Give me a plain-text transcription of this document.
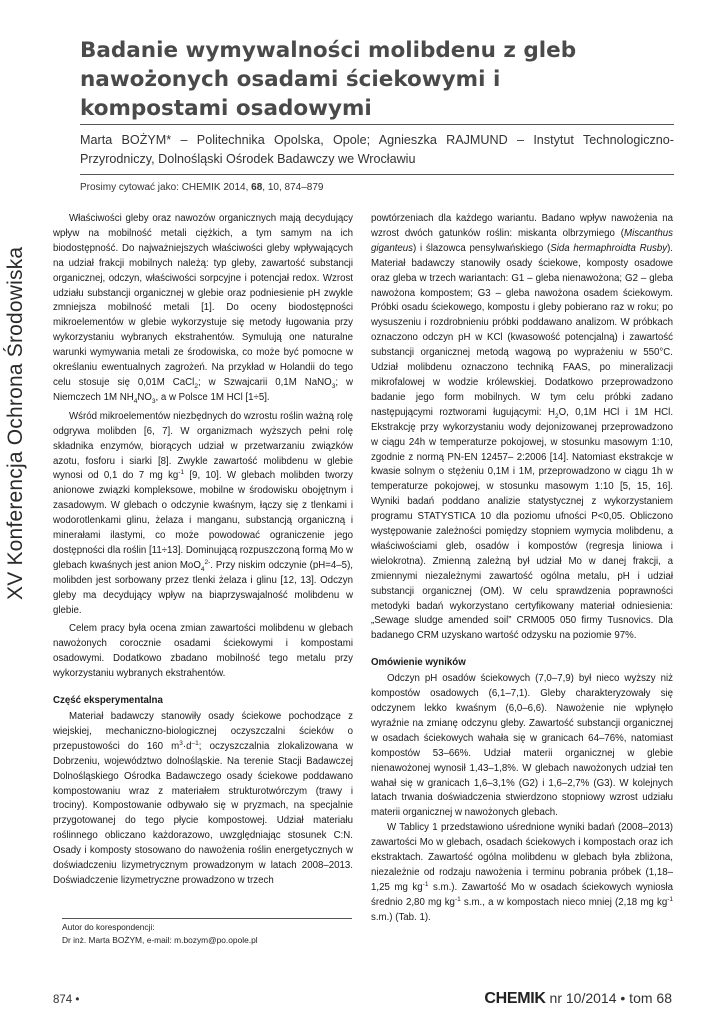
XV Konferencja Ochrona Środowiska
Badanie wymywalności molibdenu z gleb nawożonych osadami ściekowymi i kompostami osadowymi
Marta BOŻYM* – Politechnika Opolska, Opole; Agnieszka RAJMUND – Instytut Technologiczno-Przyrodniczy, Dolnośląski Ośrodek Badawczy we Wrocławiu
Prosimy cytować jako: CHEMIK 2014, 68, 10, 874–879

Właściwości gleby oraz nawozów organicznych mają decydujący wpływ na mobilność metali ciężkich, a tym samym na ich biodostępność. Do najważniejszych właściwości gleby wpływających na udział frakcji mobilnych należą: typ gleby, zawartość substancji organicznej, odczyn, właściwości sorpcyjne i potencjał redox. Wzrost udziału substancji organicznej w glebie oraz podniesienie pH zwykle zmniejsza mobilność metali [1]. Do oceny biodostępności mikroelementów w glebie wykorzystuje się metody ługowania przy wykorzystaniu wybranych ekstrahentów. Symulują one naturalne warunki wymywania metali ze środowiska, co może być pomocne w określaniu ewentualnych zagrożeń. Na przykład w Holandii do tego celu stosuje się 0,01M CaCl$_2$; w Szwajcarii 0,1M NaNO$_3$; w Niemczech 1M $NH_4NO_3$, a w Polsce 1M HCl [1÷5].

Wśród mikroelementów niezbędnych do wzrostu roślin ważną rolę odgrywa molibden [6, 7]. W organizmach wyższych pełni rolę składnika enzymów, biorących udział w przetwarzaniu związków azotu, fosforu i siarki [8]. Zwykle zawartość molibdenu w glebie wynosi od 0,1 do 7 mg $kg^{-1}$ [9, 10]. W glebach molibden tworzy anionowe związki kompleksowe, mobilne w środowisku obojętnym i zasadowym. W glebach o odczynie kwaśnym, łączy się z tlenkami i wodorotlenkami glinu, żelaza i manganu, substancją organiczną i minerałami ilastymi, co może powodować ograniczenie jego dostępności dla roślin [11÷13]. Dominującą rozpuszczoną formą Mo w glebach kwaśnych jest anion MoO$_4^{2-}$. Przy niskim odczynie (pH=4–5), molibden jest sorbowany przez tlenki żelaza i glinu [12, 13]. Odczyn gleby ma decydujący wpływ na biaprzyswajalność molibdenu w glebie.

Celem pracy była ocena zmian zawartości molibdenu w glebach nawożonych corocznie osadami ściekowymi i kompostami osadowymi. Dodatkowo zbadano mobilność tego metalu przy wykorzystaniu wybranych ekstrahentów.

Część eksperymentalna

Materiał badawczy stanowiły osady ściekowe pochodzące z wiejskiej, mechaniczno-biologicznej oczyszczalni ścieków o przepustowości do 160 $m^3\cdot d^{-1}$; oczyszczalnia zlokalizowana w Dobrzeniu, województwo dolnośląskie. Na terenie Stacji Badawczej Dolnośląskiego Ośrodka Badawczego osady ściekowe poddawano kompostowaniu wraz z materiałem strukturotwórczym (trawy i trociny). Kompostowanie odbywało się w pryzmach, na specjalnie przygotowanej do tego płycie kompostowej. Udział materiału roślinnego obliczano każdorazowo, uwzględniając stosunek C:N. Osady i komposty stosowano do nawożenia roślin energetycznych w doświadczeniu lizymetrycznym prowadzonym w latach 2008–2013. Doświadczenie lizymetryczne prowadzono w trzech

powtórzeniach dla każdego wariantu. Badano wpływ nawożenia na wzrost dwóch gatunków roślin: miskanta olbrzymiego (Miscanthus giganteus) i ślazowca pensylwańskiego (Sida hermaphroidta Rusby). Materiał badawczy stanowiły osady ściekowe, komposty osadowe oraz gleba w trzech wariantach: G1 – gleba nienawożona; G2 – gleba nawożona kompostem; G3 – gleba nawożona osadem ściekowym. Próbki osadu ściekowego, kompostu i gleby pobierano raz w roku; po wysuszeniu i rozdrobnieniu próbki poddawano analizom. W próbkach oznaczono odczyn pH w KCl (kwasowość potencjalną) i zawartość substancji organicznej metodą wagową po wyprażeniu w 550°C. Udział molibdenu oznaczono techniką FAAS, po mineralizacji mikrofalowej w wodzie królewskiej. Dodatkowo przeprowadzono badanie jego form mobilnych. W tym celu próbki zadano następującymi roztworami ługującymi: $H_2O$, 0,1M HCl i 1M HCl. Ekstrakcję przy wykorzystaniu wody dejonizowanej przeprowadzono w ciągu 24h w temperaturze pokojowej, w stosunku masowym 1:10, zgodnie z normą PN-EN 12457– 2:2006 [14]. Natomiast ekstrakcje w kwasie solnym o stężeniu 0,1M i 1M, przeprowadzono w ciągu 1h w temperaturze pokojowej, w stosunku masowym 1:10 [5, 15, 16]. Wyniki badań poddano analizie statystycznej z wykorzystaniem programu STATYSTICA 10 dla poziomu ufności P<0,05. Obliczono występowanie zależności pomiędzy stopniem wymycia molibdenu, a właściwościami gleb, osadów i kompostów (regresja liniowa i wielokrotna). Zmienną zależną był udział Mo w danej frakcji, a zmiennymi niezależnymi zawartość ogólna metalu, pH i udział substancji organicznej (OM). W celu sprawdzenia poprawności metodyki badań wykorzystano certyfikowany materiał odniesienia: „Sewage sludge amended soil” CRM005 050 firmy Tusnovics. Dla badanego CRM uzyskano wartość odzysku na poziomie 97%.

Omówienie wyników

Odczyn pH osadów ściekowych (7,0–7,9) był nieco wyższy niż kompostów osadowych (6,1–7,1). Gleby charakteryzowały się odczynem lekko kwaśnym (6,0–6,6). Nawożenie nie wpłynęło wyraźnie na zmianę odczynu gleby. Zawartość substancji organicznej w osadach ściekowych wahała się w granicach 64–76%, natomiast kompostów 53–66%. Udział materii organicznej w glebie nienawożonej wynosił 1,43–1,8%. W glebach nawożonych udział ten wahał się w granicach 1,6–3,1% (G2) i 1,6–2,7% (G3). W kolejnych latach trwania doświadczenia stwierdzono stopniowy wzrost udziału materii organicznej w nawożonych glebach.

W Tablicy 1 przedstawiono uśrednione wyniki badań (2008–2013) zawartości Mo w glebach, osadach ściekowych i kompostach oraz ich ekstraktach. Zawartość ogólna molibdenu w glebach była zbliżona, niezależnie od rodzaju nawożenia i terminu pobrania próbek (1,18–1,25 mg $kg^{-1}$ s.m.). Zawartość Mo w osadach ściekowych wyniosła średnio 2,80 mg $kg^{-1}$ s.m., a w kompostach nieco mniej (2,18 mg $kg^{-1}$ s.m.) (Tab. 1).

Autor do korespondencji:
Dr inż. Marta BOŻYM, e-mail: m.bozym@po.opole.pl
874 •	CHEMIK nr 10/2014 • tom 68
